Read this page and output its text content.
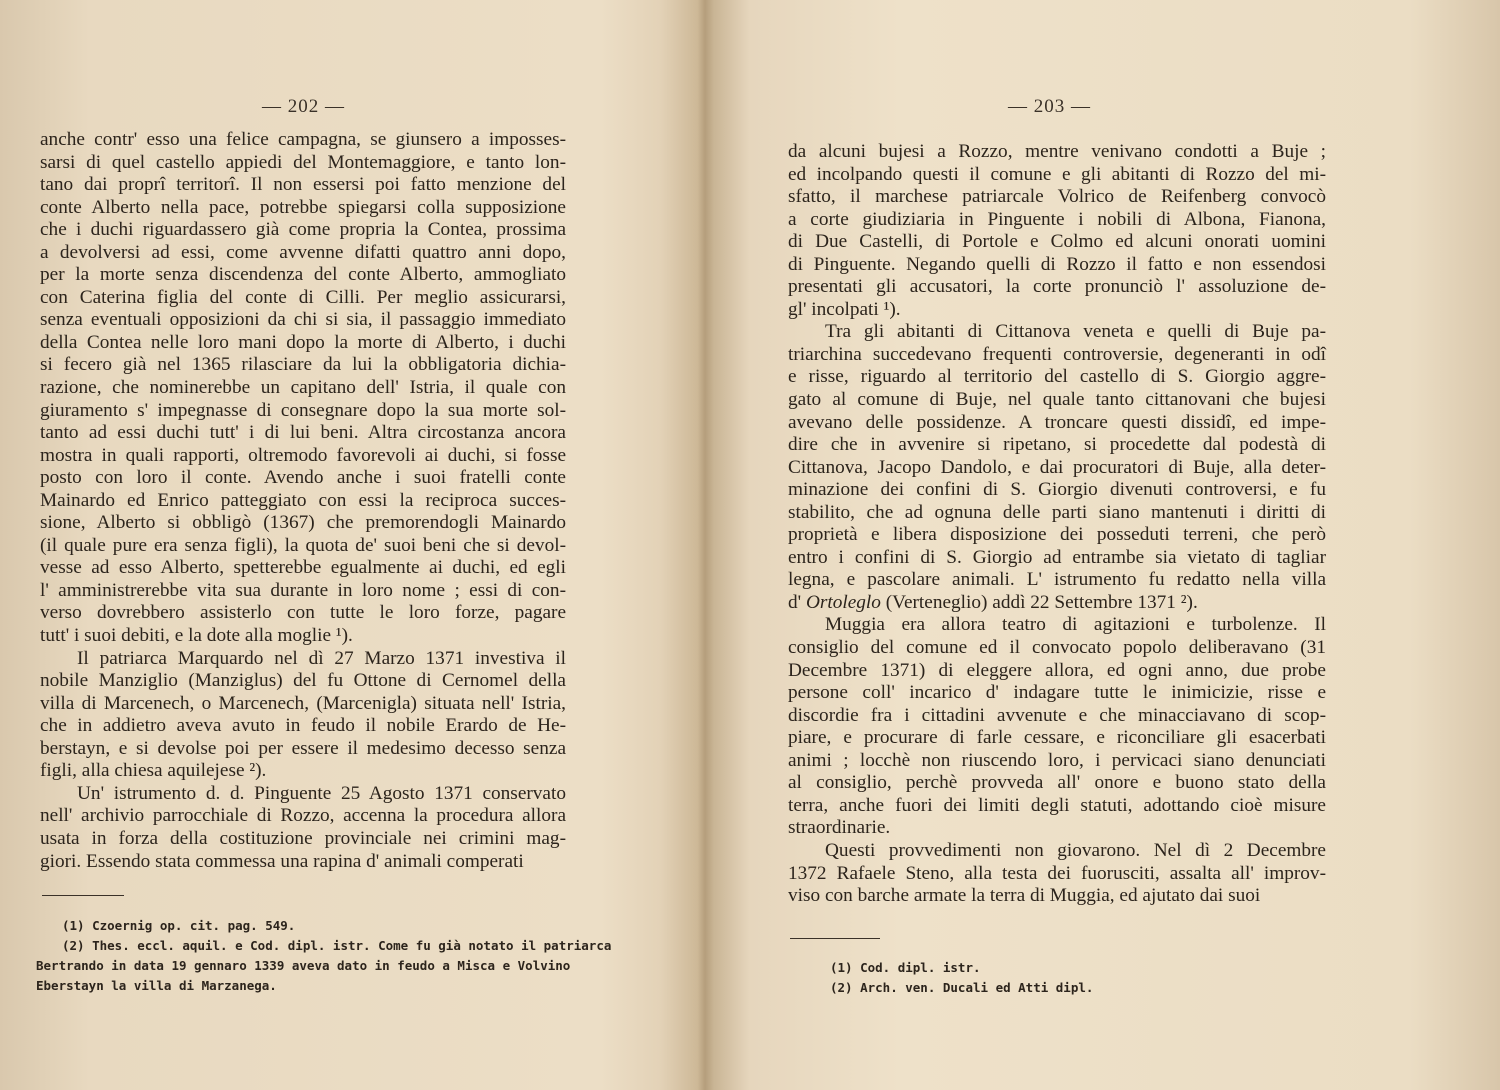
— 202 —
anche contr' esso una felice campagna, se giunsero a imposses-
sarsi di quel castello appiedi del Montemaggiore, e tanto lon-
tano dai proprî territorî. Il non essersi poi fatto menzione del
conte Alberto nella pace, potrebbe spiegarsi colla supposizione
che i duchi riguardassero già come propria la Contea, prossima
a devolversi ad essi, come avvenne difatti quattro anni dopo,
per la morte senza discendenza del conte Alberto, ammogliato
con Caterina figlia del conte di Cilli. Per meglio assicurarsi,
senza eventuali opposizioni da chi si sia, il passaggio immediato
della Contea nelle loro mani dopo la morte di Alberto, i duchi
si fecero già nel 1365 rilasciare da lui la obbligatoria dichia-
razione, che nominerebbe un capitano dell' Istria, il quale con
giuramento s' impegnasse di consegnare dopo la sua morte sol-
tanto ad essi duchi tutt' i di lui beni. Altra circostanza ancora
mostra in quali rapporti, oltremodo favorevoli ai duchi, si fosse
posto con loro il conte. Avendo anche i suoi fratelli conte
Mainardo ed Enrico patteggiato con essi la reciproca succes-
sione, Alberto si obbligò (1367) che premorendogli Mainardo
(il quale pure era senza figli), la quota de' suoi beni che si devol-
vesse ad esso Alberto, spetterebbe egualmente ai duchi, ed egli
l' amministrerebbe vita sua durante in loro nome ; essi di con-
verso dovrebbero assisterlo con tutte le loro forze, pagare
tutt' i suoi debiti, e la dote alla moglie ¹).
Il patriarca Marquardo nel dì 27 Marzo 1371 investiva il
nobile Manziglio (Manziglus) del fu Ottone di Cernomel della
villa di Marcenech, o Marcenech, (Marcenigla) situata nell' Istria,
che in addietro aveva avuto in feudo il nobile Erardo de He-
berstayn, e si devolse poi per essere il medesimo decesso senza
figli, alla chiesa aquilejese ²).
Un' istrumento d. d. Pinguente 25 Agosto 1371 conservato
nell' archivio parrocchiale di Rozzo, accenna la procedura allora
usata in forza della costituzione provinciale nei crimini mag-
giori. Essendo stata commessa una rapina d' animali comperati
(1) Czoernig op. cit. pag. 549.
(2) Thes. eccl. aquil. e Cod. dipl. istr. Come fu già notato il patriarca
Bertrando in data 19 gennaro 1339 aveva dato in feudo a Misca e Volvino
Eberstayn la villa di Marzanega.
— 203 —
da alcuni bujesi a Rozzo, mentre venivano condotti a Buje ;
ed incolpando questi il comune e gli abitanti di Rozzo del mi-
sfatto, il marchese patriarcale Volrico de Reifenberg convocò
a corte giudiziaria in Pinguente i nobili di Albona, Fianona,
di Due Castelli, di Portole e Colmo ed alcuni onorati uomini
di Pinguente. Negando quelli di Rozzo il fatto e non essendosi
presentati gli accusatori, la corte pronunciò l' assoluzione de-
gl' incolpati ¹).
Tra gli abitanti di Cittanova veneta e quelli di Buje pa-
triarchina succedevano frequenti controversie, degeneranti in odî
e risse, riguardo al territorio del castello di S. Giorgio aggre-
gato al comune di Buje, nel quale tanto cittanovani che bujesi
avevano delle possidenze. A troncare questi dissidî, ed impe-
dire che in avvenire si ripetano, si procedette dal podestà di
Cittanova, Jacopo Dandolo, e dai procuratori di Buje, alla deter-
minazione dei confini di S. Giorgio divenuti controversi, e fu
stabilito, che ad ognuna delle parti siano mantenuti i diritti di
proprietà e libera disposizione dei posseduti terreni, che però
entro i confini di S. Giorgio ad entrambe sia vietato di tagliar
legna, e pascolare animali. L' istrumento fu redatto nella villa
d' Ortoleglo (Verteneglio) addì 22 Settembre 1371 ²).
Muggia era allora teatro di agitazioni e turbolenze. Il
consiglio del comune ed il convocato popolo deliberavano (31
Decembre 1371) di eleggere allora, ed ogni anno, due probe
persone coll' incarico d' indagare tutte le inimicizie, risse e
discordie fra i cittadini avvenute e che minacciavano di scop-
piare, e procurare di farle cessare, e riconciliare gli esacerbati
animi ; locchè non riuscendo loro, i pervicaci siano denunciati
al consiglio, perchè provveda all' onore e buono stato della
terra, anche fuori dei limiti degli statuti, adottando cioè misure
straordinarie.
Questi provvedimenti non giovarono. Nel dì 2 Decembre
1372 Rafaele Steno, alla testa dei fuorusciti, assalta all' improv-
viso con barche armate la terra di Muggia, ed ajutato dai suoi
(1) Cod. dipl. istr.
(2) Arch. ven. Ducali ed Atti dipl.
